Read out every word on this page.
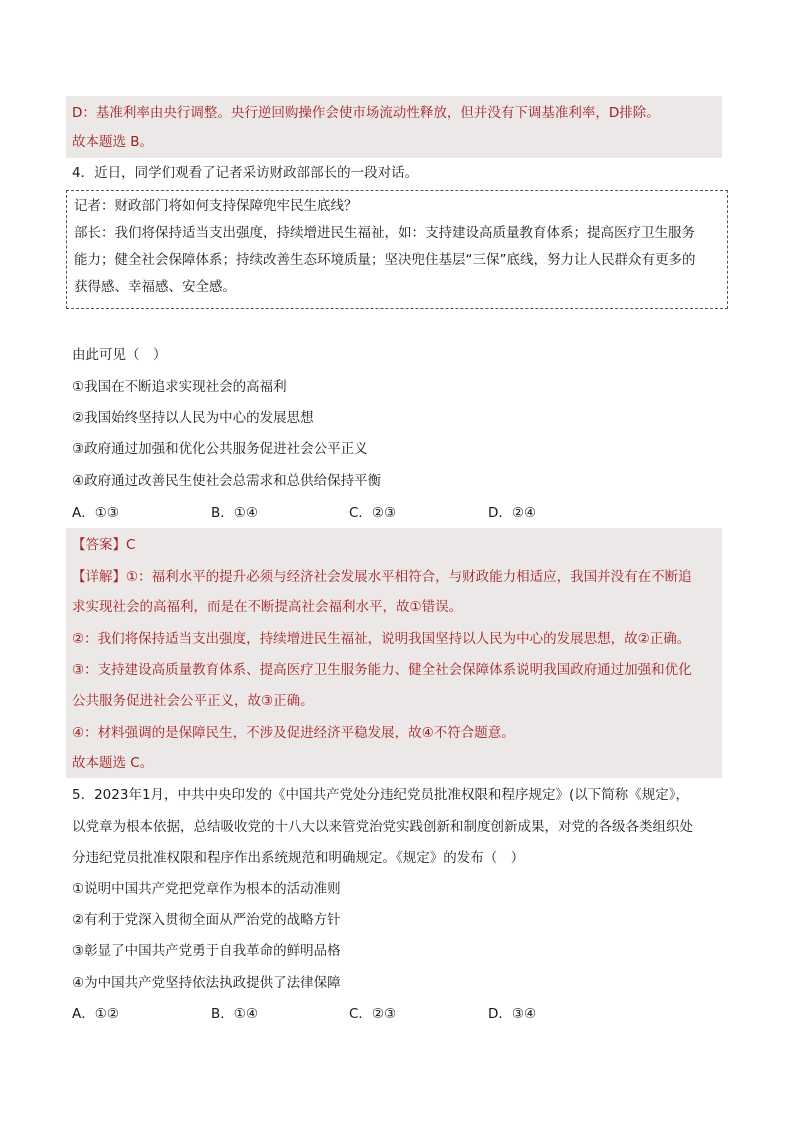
D：基准利率由央行调整。央行逆回购操作会使市场流动性释放，但并没有下调基准利率，D排除。
故本题选 B。
4．近日，同学们观看了记者采访财政部部长的一段对话。
记者：财政部门将如何支持保障兜牢民生底线？
部长：我们将保持适当支出强度，持续增进民生福祉，如：支持建设高质量教育体系；提高医疗卫生服务
能力；健全社会保障体系；持续改善生态环境质量；坚决兜住基层“三保”底线，努力让人民群众有更多的
获得感、幸福感、安全感。
由此可见（　）
①我国在不断追求实现社会的高福利
②我国始终坚持以人民为中心的发展思想
③政府通过加强和优化公共服务促进社会公平正义
④政府通过改善民生使社会总需求和总供给保持平衡
A．①③	B．①④	C．②③	D．②④
【答案】C
【详解】①：福利水平的提升必须与经济社会发展水平相符合，与财政能力相适应，我国并没有在不断追
求实现社会的高福利，而是在不断提高社会福利水平，故①错误。
②：我们将保持适当支出强度，持续增进民生福祉，说明我国坚持以人民为中心的发展思想，故②正确。
③：支持建设高质量教育体系、提高医疗卫生服务能力、健全社会保障体系说明我国政府通过加强和优化
公共服务促进社会公平正义，故③正确。
④：材料强调的是保障民生，不涉及促进经济平稳发展，故④不符合题意。
故本题选 C。
5．2023年1月，中共中央印发的《中国共产党处分违纪党员批准权限和程序规定》(以下简称《规定》，
以党章为根本依据，总结吸收党的十八大以来管党治党实践创新和制度创新成果，对党的各级各类组织处
分违纪党员批准权限和程序作出系统规范和明确规定。《规定》的发布（　）
①说明中国共产党把党章作为根本的活动准则
②有利于党深入贯彻全面从严治党的战略方针
③彰显了中国共产党勇于自我革命的鲜明品格
④为中国共产党坚持依法执政提供了法律保障
A．①②	B．①④	C．②③	D．③④
